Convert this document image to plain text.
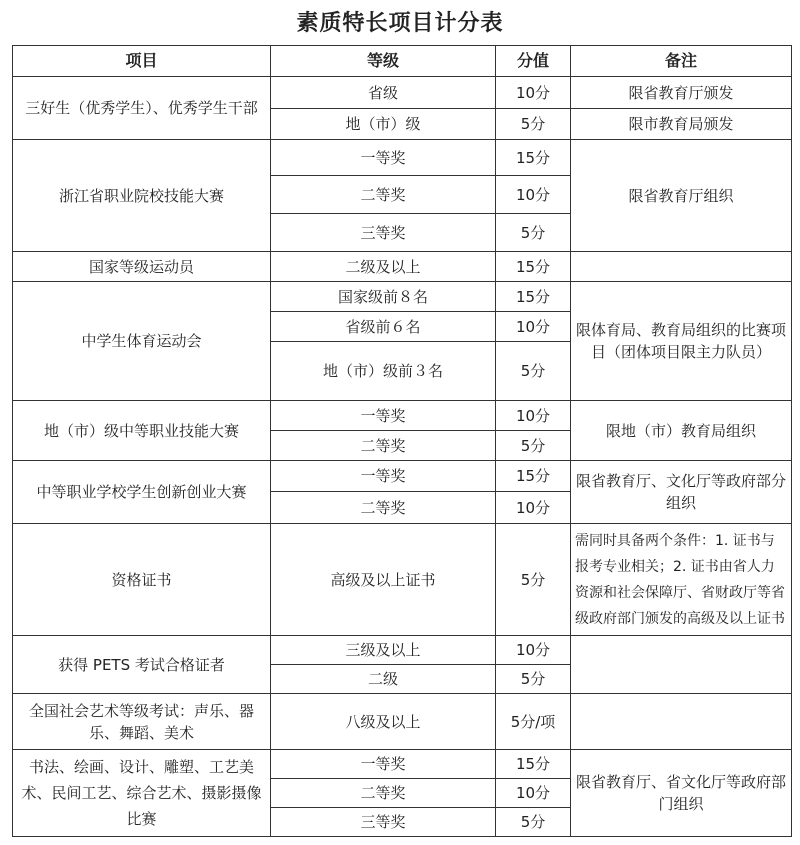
素质特长项目计分表
项目	等级	分值	备注
三好生（优秀学生）、优秀学生干部	省级	10分	限省教育厅颁发
	地（市）级	5分	限市教育局颁发
浙江省职业院校技能大赛	一等奖	15分	限省教育厅组织
	二等奖	10分	
	三等奖	5分	
国家等级运动员	二级及以上	15分	
中学生体育运动会	国家级前８名	15分	限体育局、教育局组织的比赛项目（团体项目限主力队员）
	省级前６名	10分	
	地（市）级前３名	5分	
地（市）级中等职业技能大赛	一等奖	10分	限地（市）教育局组织
	二等奖	5分	
中等职业学校学生创新创业大赛	一等奖	15分	限省教育厅、文化厅等政府部分组织
	二等奖	10分	
资格证书	高级及以上证书	5分	需同时具备两个条件：1. 证书与报考专业相关；2. 证书由省人力资源和社会保障厅、省财政厅等省级政府部门颁发的高级及以上证书
获得 PETS 考试合格证者	三级及以上	10分	
	二级	5分	
全国社会艺术等级考试：声乐、器乐、舞蹈、美术	八级及以上	5分/项	
书法、绘画、设计、雕塑、工艺美术、民间工艺、综合艺术、摄影摄像比赛	一等奖	15分	限省教育厅、省文化厅等政府部门组织
	二等奖	10分	
	三等奖	5分	
